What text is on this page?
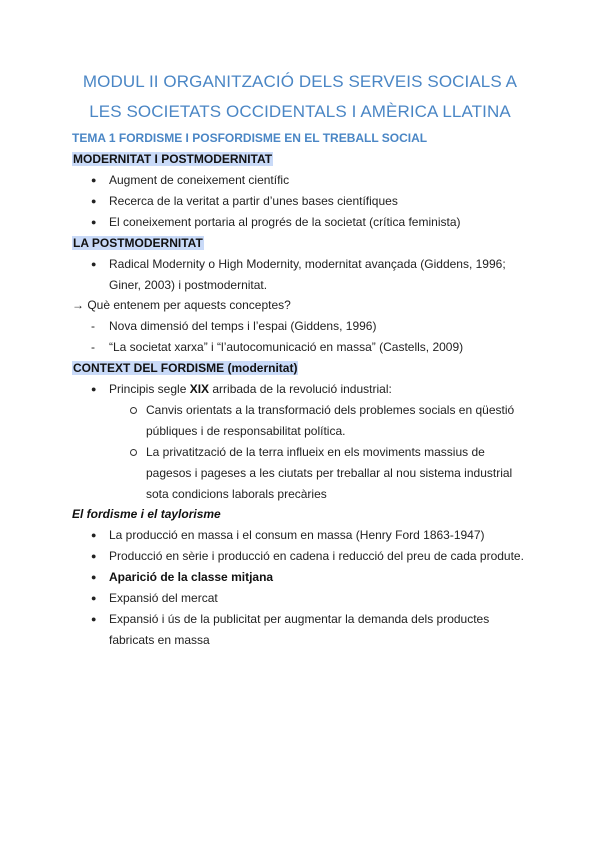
MODUL II ORGANITZACIÓ DELS SERVEIS SOCIALS A
LES SOCIETATS OCCIDENTALS I AMÈRICA LLATINA
TEMA 1 FORDISME I POSFORDISME EN EL TREBALL SOCIAL
MODERNITAT I POSTMODERNITAT
● Augment de coneixement científic
● Recerca de la veritat a partir d’unes bases científiques
● El coneixement portaria al progrés de la societat (crítica feminista)
LA POSTMODERNITAT
● Radical Modernity o High Modernity, modernitat avançada (Giddens, 1996;
Giner, 2003) i postmodernitat.
→ Què entenem per aquests conceptes?
- Nova dimensió del temps i l’espai (Giddens, 1996)
- “La societat xarxa” i “l’autocomunicació en massa” (Castells, 2009)
CONTEXT DEL FORDISME (modernitat)
● Principis segle XIX arribada de la revolució industrial:
Canvis orientats a la transformació dels problemes socials en qüestió
públiques i de responsabilitat política.
La privatització de la terra influeix en els moviments massius de
pagesos i pageses a les ciutats per treballar al nou sistema industrial
sota condicions laborals precàries
El fordisme i el taylorisme
● La producció en massa i el consum en massa (Henry Ford 1863-1947)
● Producció en sèrie i producció en cadena i reducció del preu de cada produte.
● Aparició de la classe mitjana
● Expansió del mercat
● Expansió i ús de la publicitat per augmentar la demanda dels productes
fabricats en massa
